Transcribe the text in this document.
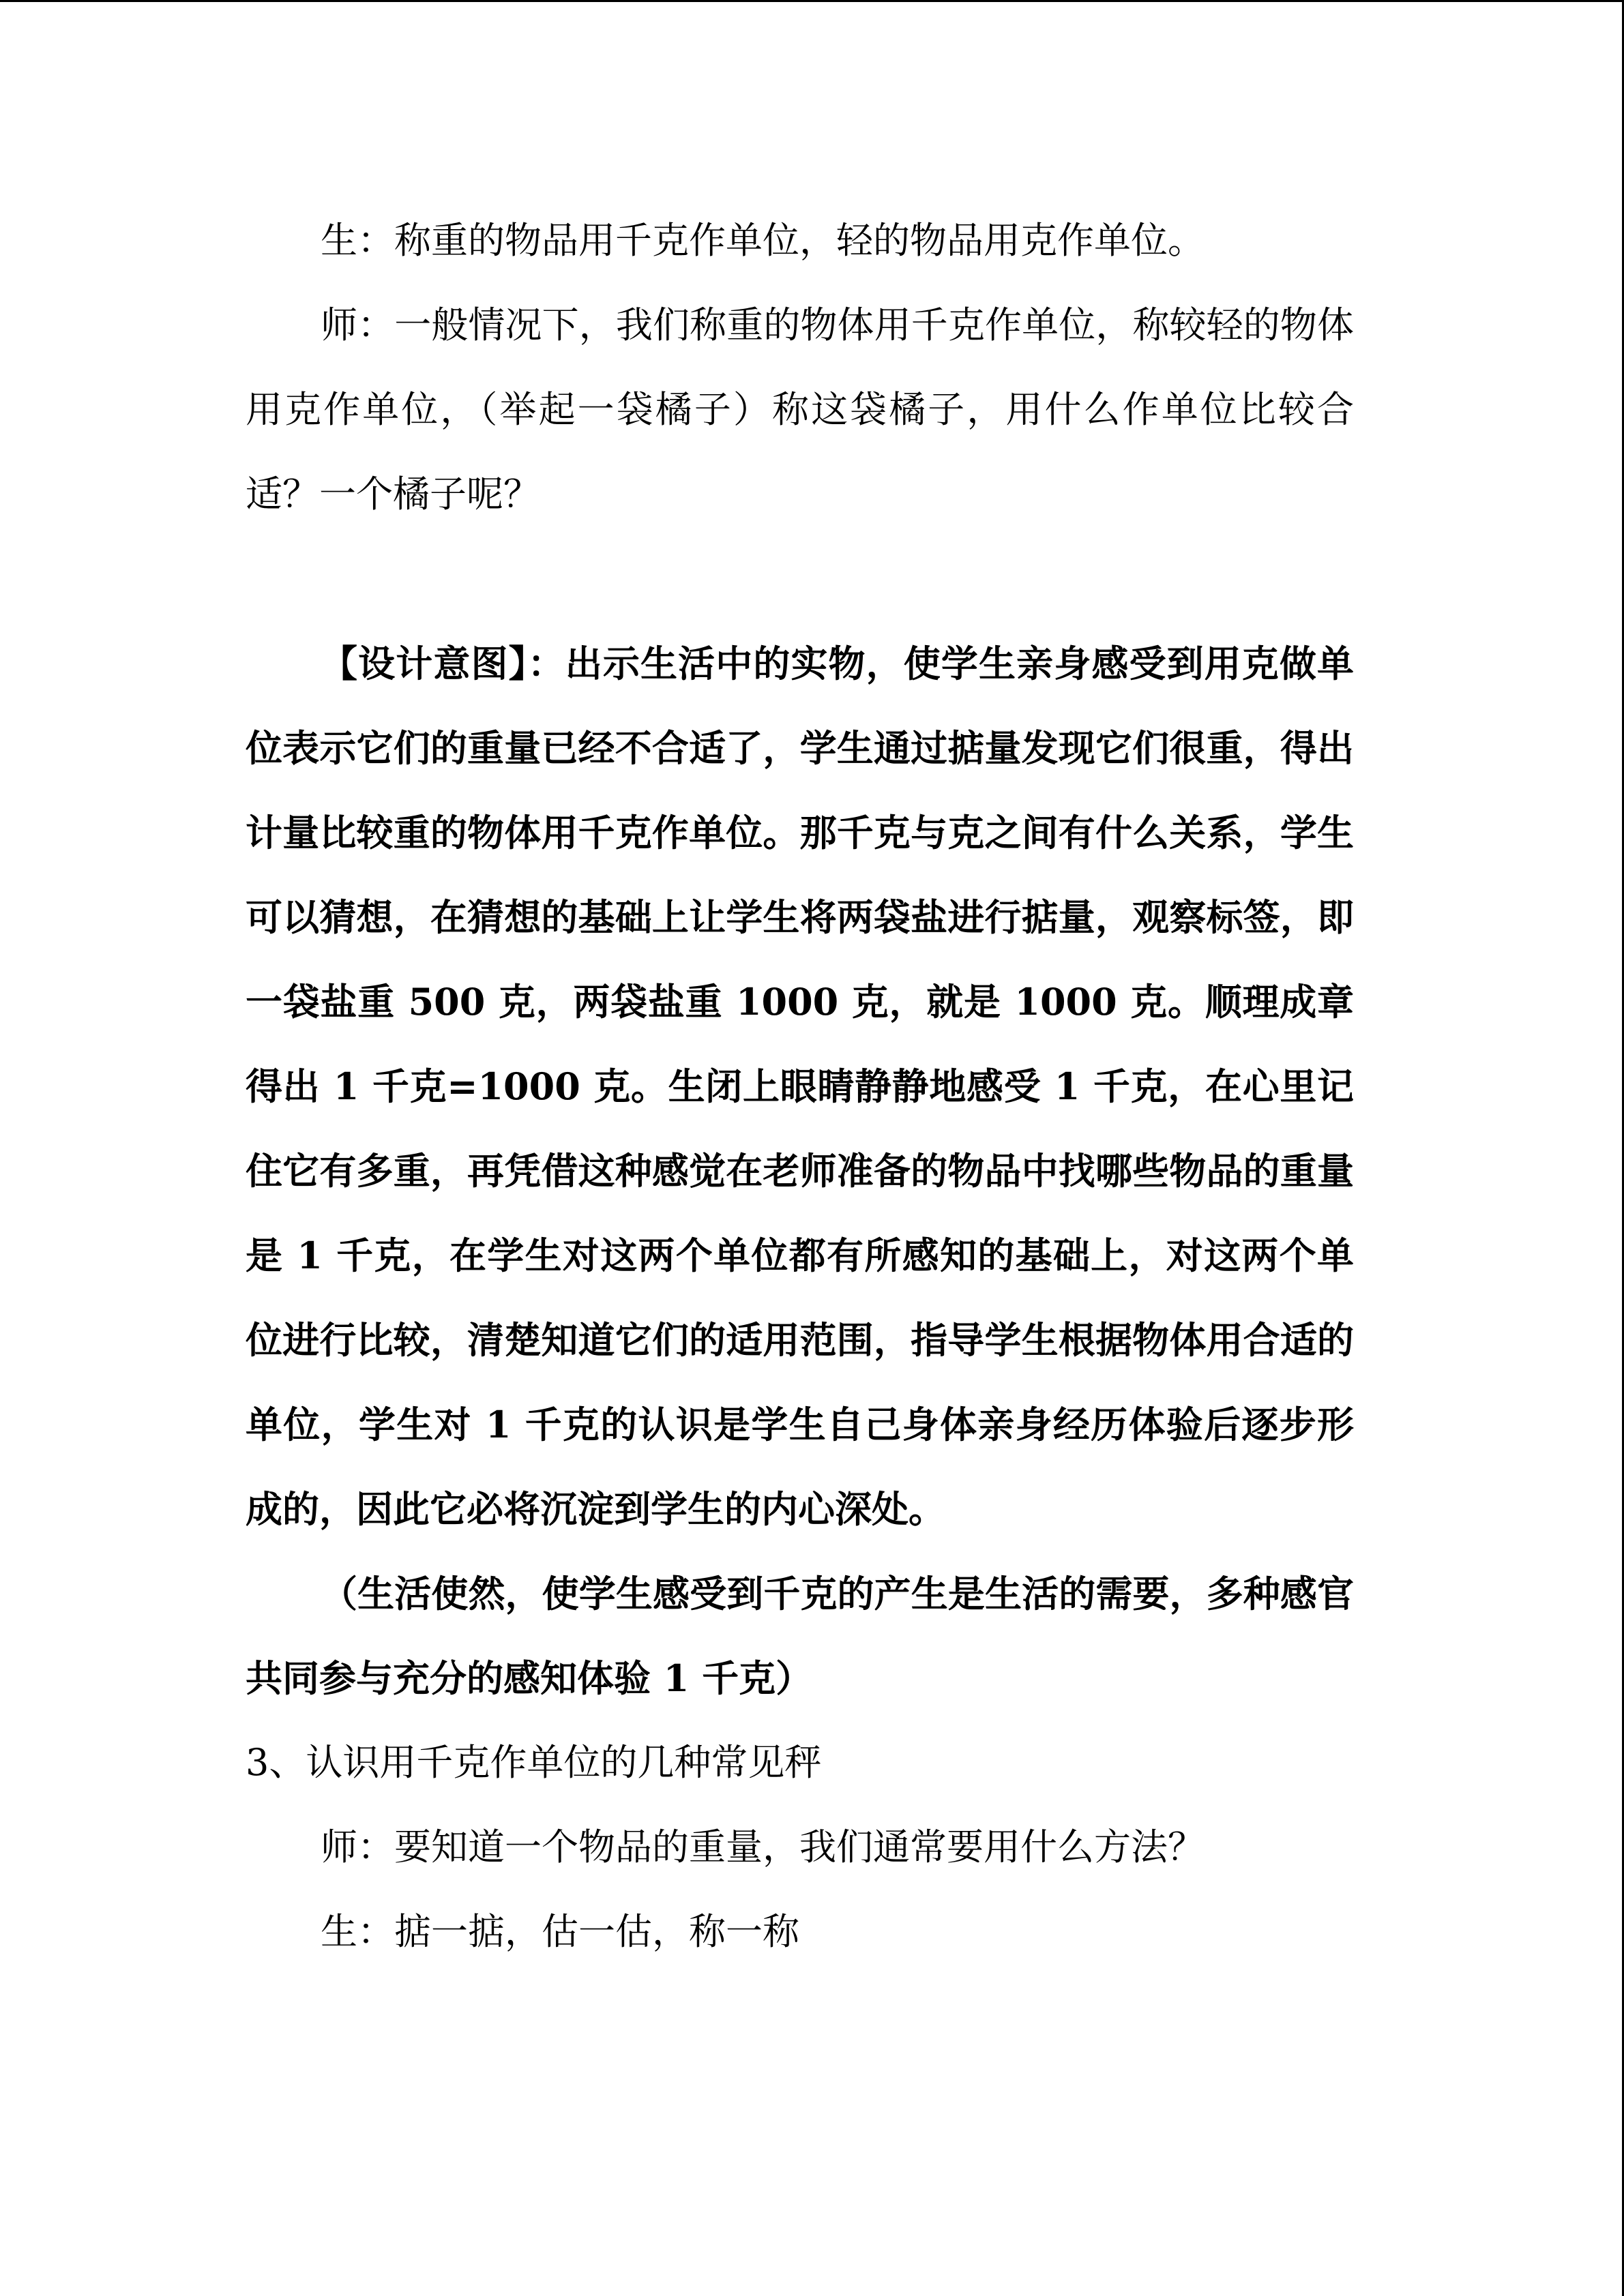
生：称重的物品用千克作单位，轻的物品用克作单位。

师：一般情况下，我们称重的物体用千克作单位，称较轻的物体用克作单位，（举起一袋橘子）称这袋橘子，用什么作单位比较合适？一个橘子呢？

【设计意图】：出示生活中的实物，使学生亲身感受到用克做单位表示它们的重量已经不合适了，学生通过掂量发现它们很重，得出计量比较重的物体用千克作单位。那千克与克之间有什么关系，学生可以猜想，在猜想的基础上让学生将两袋盐进行掂量，观察标签，即一袋盐重 500 克，两袋盐重 1000 克，就是 1000 克。顺理成章得出 1 千克=1000 克。生闭上眼睛静静地感受 1 千克，在心里记住它有多重，再凭借这种感觉在老师准备的物品中找哪些物品的重量是 1 千克，在学生对这两个单位都有所感知的基础上，对这两个单位进行比较，清楚知道它们的适用范围，指导学生根据物体用合适的单位，学生对 1 千克的认识是学生自己身体亲身经历体验后逐步形成的，因此它必将沉淀到学生的内心深处。

（生活使然，使学生感受到千克的产生是生活的需要，多种感官共同参与充分的感知体验 1 千克）

3、认识用千克作单位的几种常见秤

师：要知道一个物品的重量，我们通常要用什么方法？

生：掂一掂，估一估，称一称
